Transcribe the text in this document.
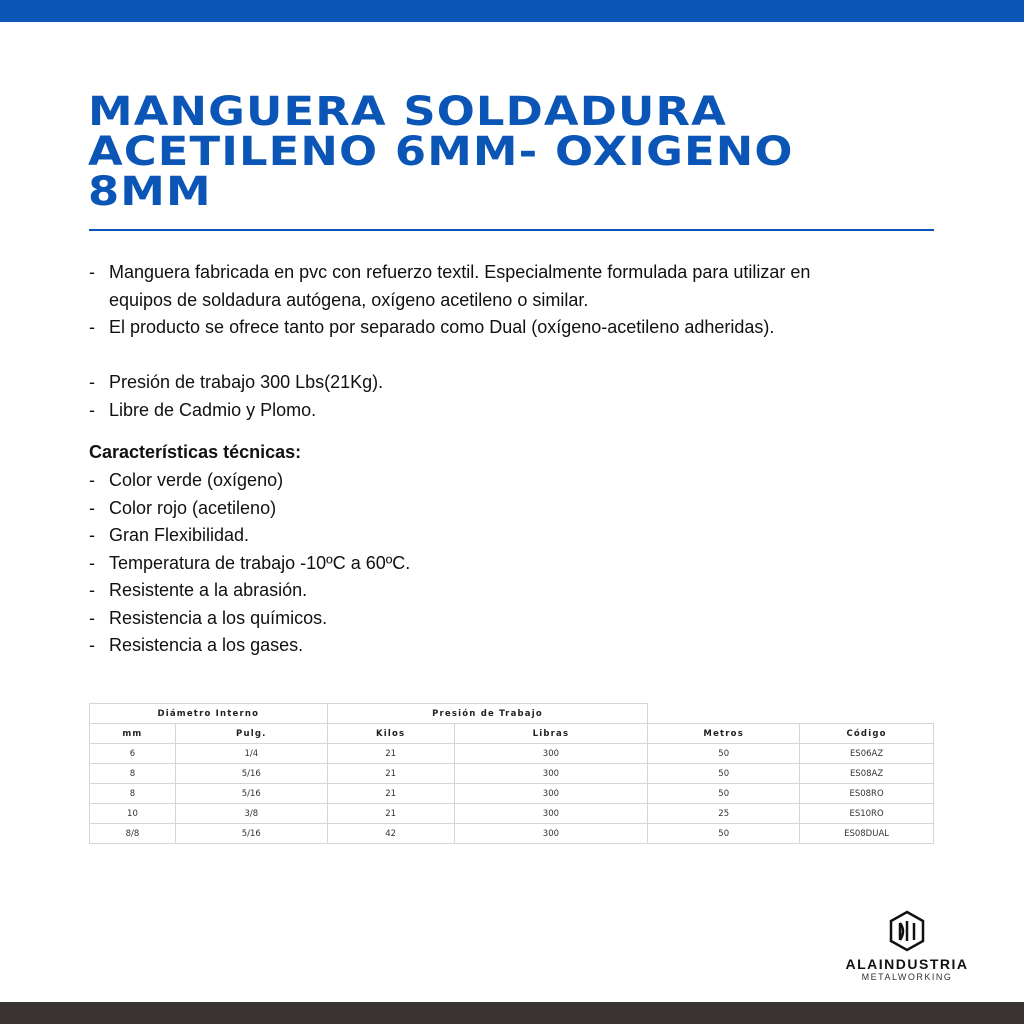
MANGUERA SOLDADURA
ACETILENO 6MM- OXIGENO
8MM
- Manguera fabricada en pvc con refuerzo textil. Especialmente formulada para utilizar en
equipos de soldadura autógena, oxígeno acetileno o similar.
- El producto se ofrece tanto por separado como Dual (oxígeno-acetileno adheridas).
- Presión de trabajo 300 Lbs(21Kg).
- Libre de Cadmio y Plomo.
Características técnicas:
- Color verde (oxígeno)
- Color rojo (acetileno)
- Gran Flexibilidad.
- Temperatura de trabajo -10ºC a 60ºC.
- Resistente a la abrasión.
- Resistencia a los químicos.
- Resistencia a los gases.
Diámetro Interno		Presión de Trabajo			
mm	Pulg.	Kilos	Libras	Metros	Código
6	1/4	21	300	50	ES06AZ
8	5/16	21	300	50	ES08AZ
8	5/16	21	300	50	ES08RO
10	3/8	21	300	25	ES10RO
8/8	5/16	42	300	50	ES08DUAL
ALAINDUSTRIA
METALWORKING
